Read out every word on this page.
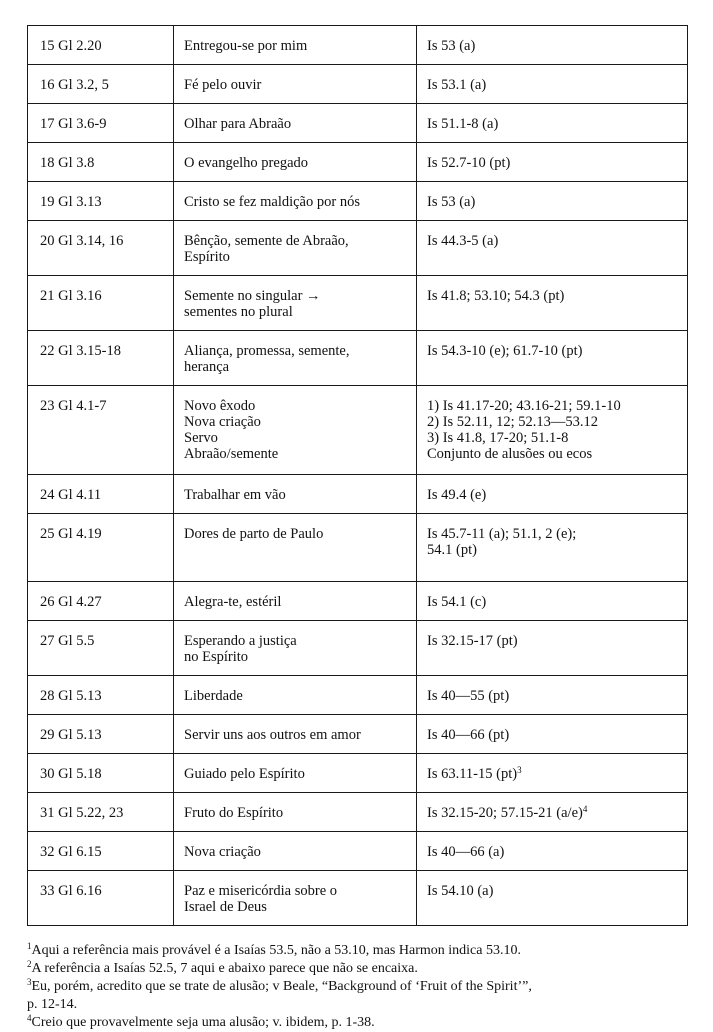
15 Gl 2.20	Entregou-se por mim	Is 53 (a)

16 Gl 3.2, 5	Fé pelo ouvir	Is 53.1 (a)

17 Gl 3.6-9	Olhar para Abraão	Is 51.1-8 (a)

18 Gl 3.8	O evangelho pregado	Is 52.7-10 (pt)

19 Gl 3.13	Cristo se fez maldição por nós	Is 53 (a)

20 Gl 3.14, 16	Bênção, semente de Abraão,
Espírito	Is 44.3-5 (a)

21 Gl 3.16	Semente no singular →
sementes no plural	Is 41.8; 53.10; 54.3 (pt)

22 Gl 3.15-18	Aliança, promessa, semente,
herança	Is 54.3-10 (e); 61.7-10 (pt)

23 Gl 4.1-7	Novo êxodo
Nova criação
Servo
Abraão/semente	1) Is 41.17-20; 43.16-21; 59.1-10
2) Is 52.11, 12; 52.13—53.12
3) Is 41.8, 17-20; 51.1-8
Conjunto de alusões ou ecos

24 Gl 4.11	Trabalhar em vão	Is 49.4 (e)

25 Gl 4.19	Dores de parto de Paulo	Is 45.7-11 (a); 51.1, 2 (e);
54.1 (pt)

26 Gl 4.27	Alegra-te, estéril	Is 54.1 (c)

27 Gl 5.5	Esperando a justiça
no Espírito	Is 32.15-17 (pt)

28 Gl 5.13	Liberdade	Is 40—55 (pt)

29 Gl 5.13	Servir uns aos outros em amor	Is 40—66 (pt)

30 Gl 5.18	Guiado pelo Espírito	Is 63.11-15 (pt)$^3$

31 Gl 5.22, 23	Fruto do Espírito	Is 32.15-20; 57.15-21 $(a/e)^4$

32 Gl 6.15	Nova criação	Is 40—66 (a)

33 Gl 6.16	Paz e misericórdia sobre o
Israel de Deus	Is 54.10 (a)
$^1$Aqui a referência mais provável é a Isaías 53.5, não a 53.10, mas Harmon indica 53.10.
$^2$A referência a Isaías 52.5, 7 aqui e abaixo parece que não se encaixa.
$^3$Eu, porém, acredito que se trate de alusão; v Beale, “Background of ‘Fruit of the Spirit’”,
p. 12-14.
$^4$Creio que provavelmente seja uma alusão; v. ibidem, p. 1-38.
